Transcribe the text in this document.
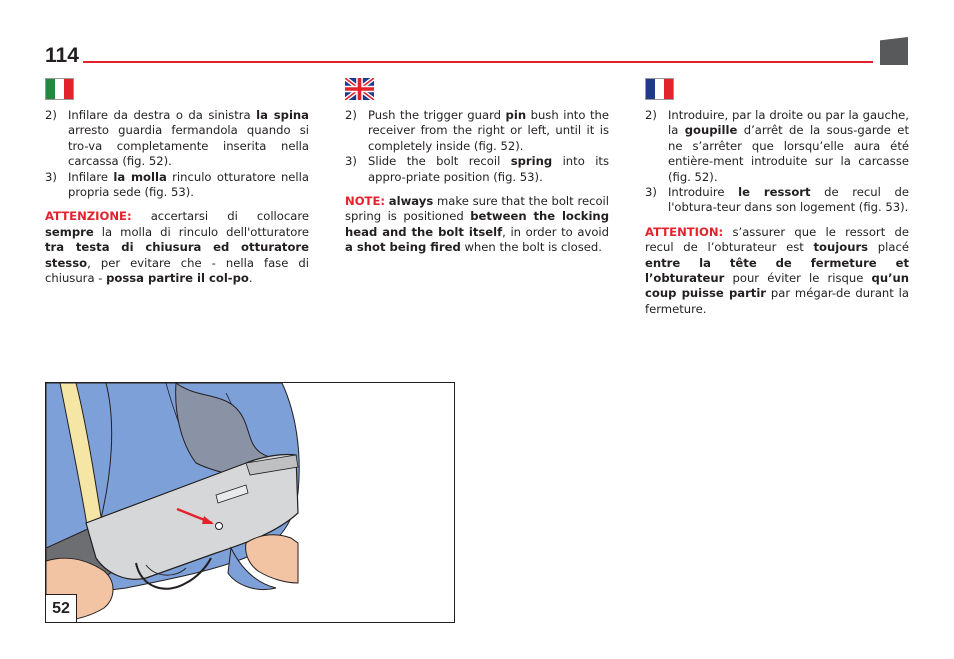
114

2) Infilare da destra o da sinistra la spina arresto guardia fermandola quando si tro-va completamente inserita nella carcassa (fig. 52).

3) Infilare la molla rinculo otturatore nella propria sede (fig. 53).

ATTENZIONE: accertarsi di collocare sempre la molla di rinculo dell'otturatore tra testa di chiusura ed otturatore stesso, per evitare che - nella fase di chiusura - possa partire il col-po.

2) Push the trigger guard pin bush into the receiver from the right or left, until it is completely inside (fig. 52).

3) Slide the bolt recoil spring into its appro-priate position (fig. 53).

NOTE: always make sure that the bolt recoil spring is positioned between the locking head and the bolt itself, in order to avoid a shot being fired when the bolt is closed.

2) Introduire, par la droite ou par la gauche, la goupille d’arrêt de la sous-garde et ne s’arrêter que lorsqu’elle aura été entière-ment introduite sur la carcasse (fig. 52).

3) Introduire le ressort de recul de l'obtura-teur dans son logement (fig. 53).

ATTENTION: s’assurer que le ressort de recul de l’obturateur est toujours placé entre la tête de fermeture et l’obturateur pour éviter le risque qu’un coup puisse partir par mégar-de durant la fermeture.

52
